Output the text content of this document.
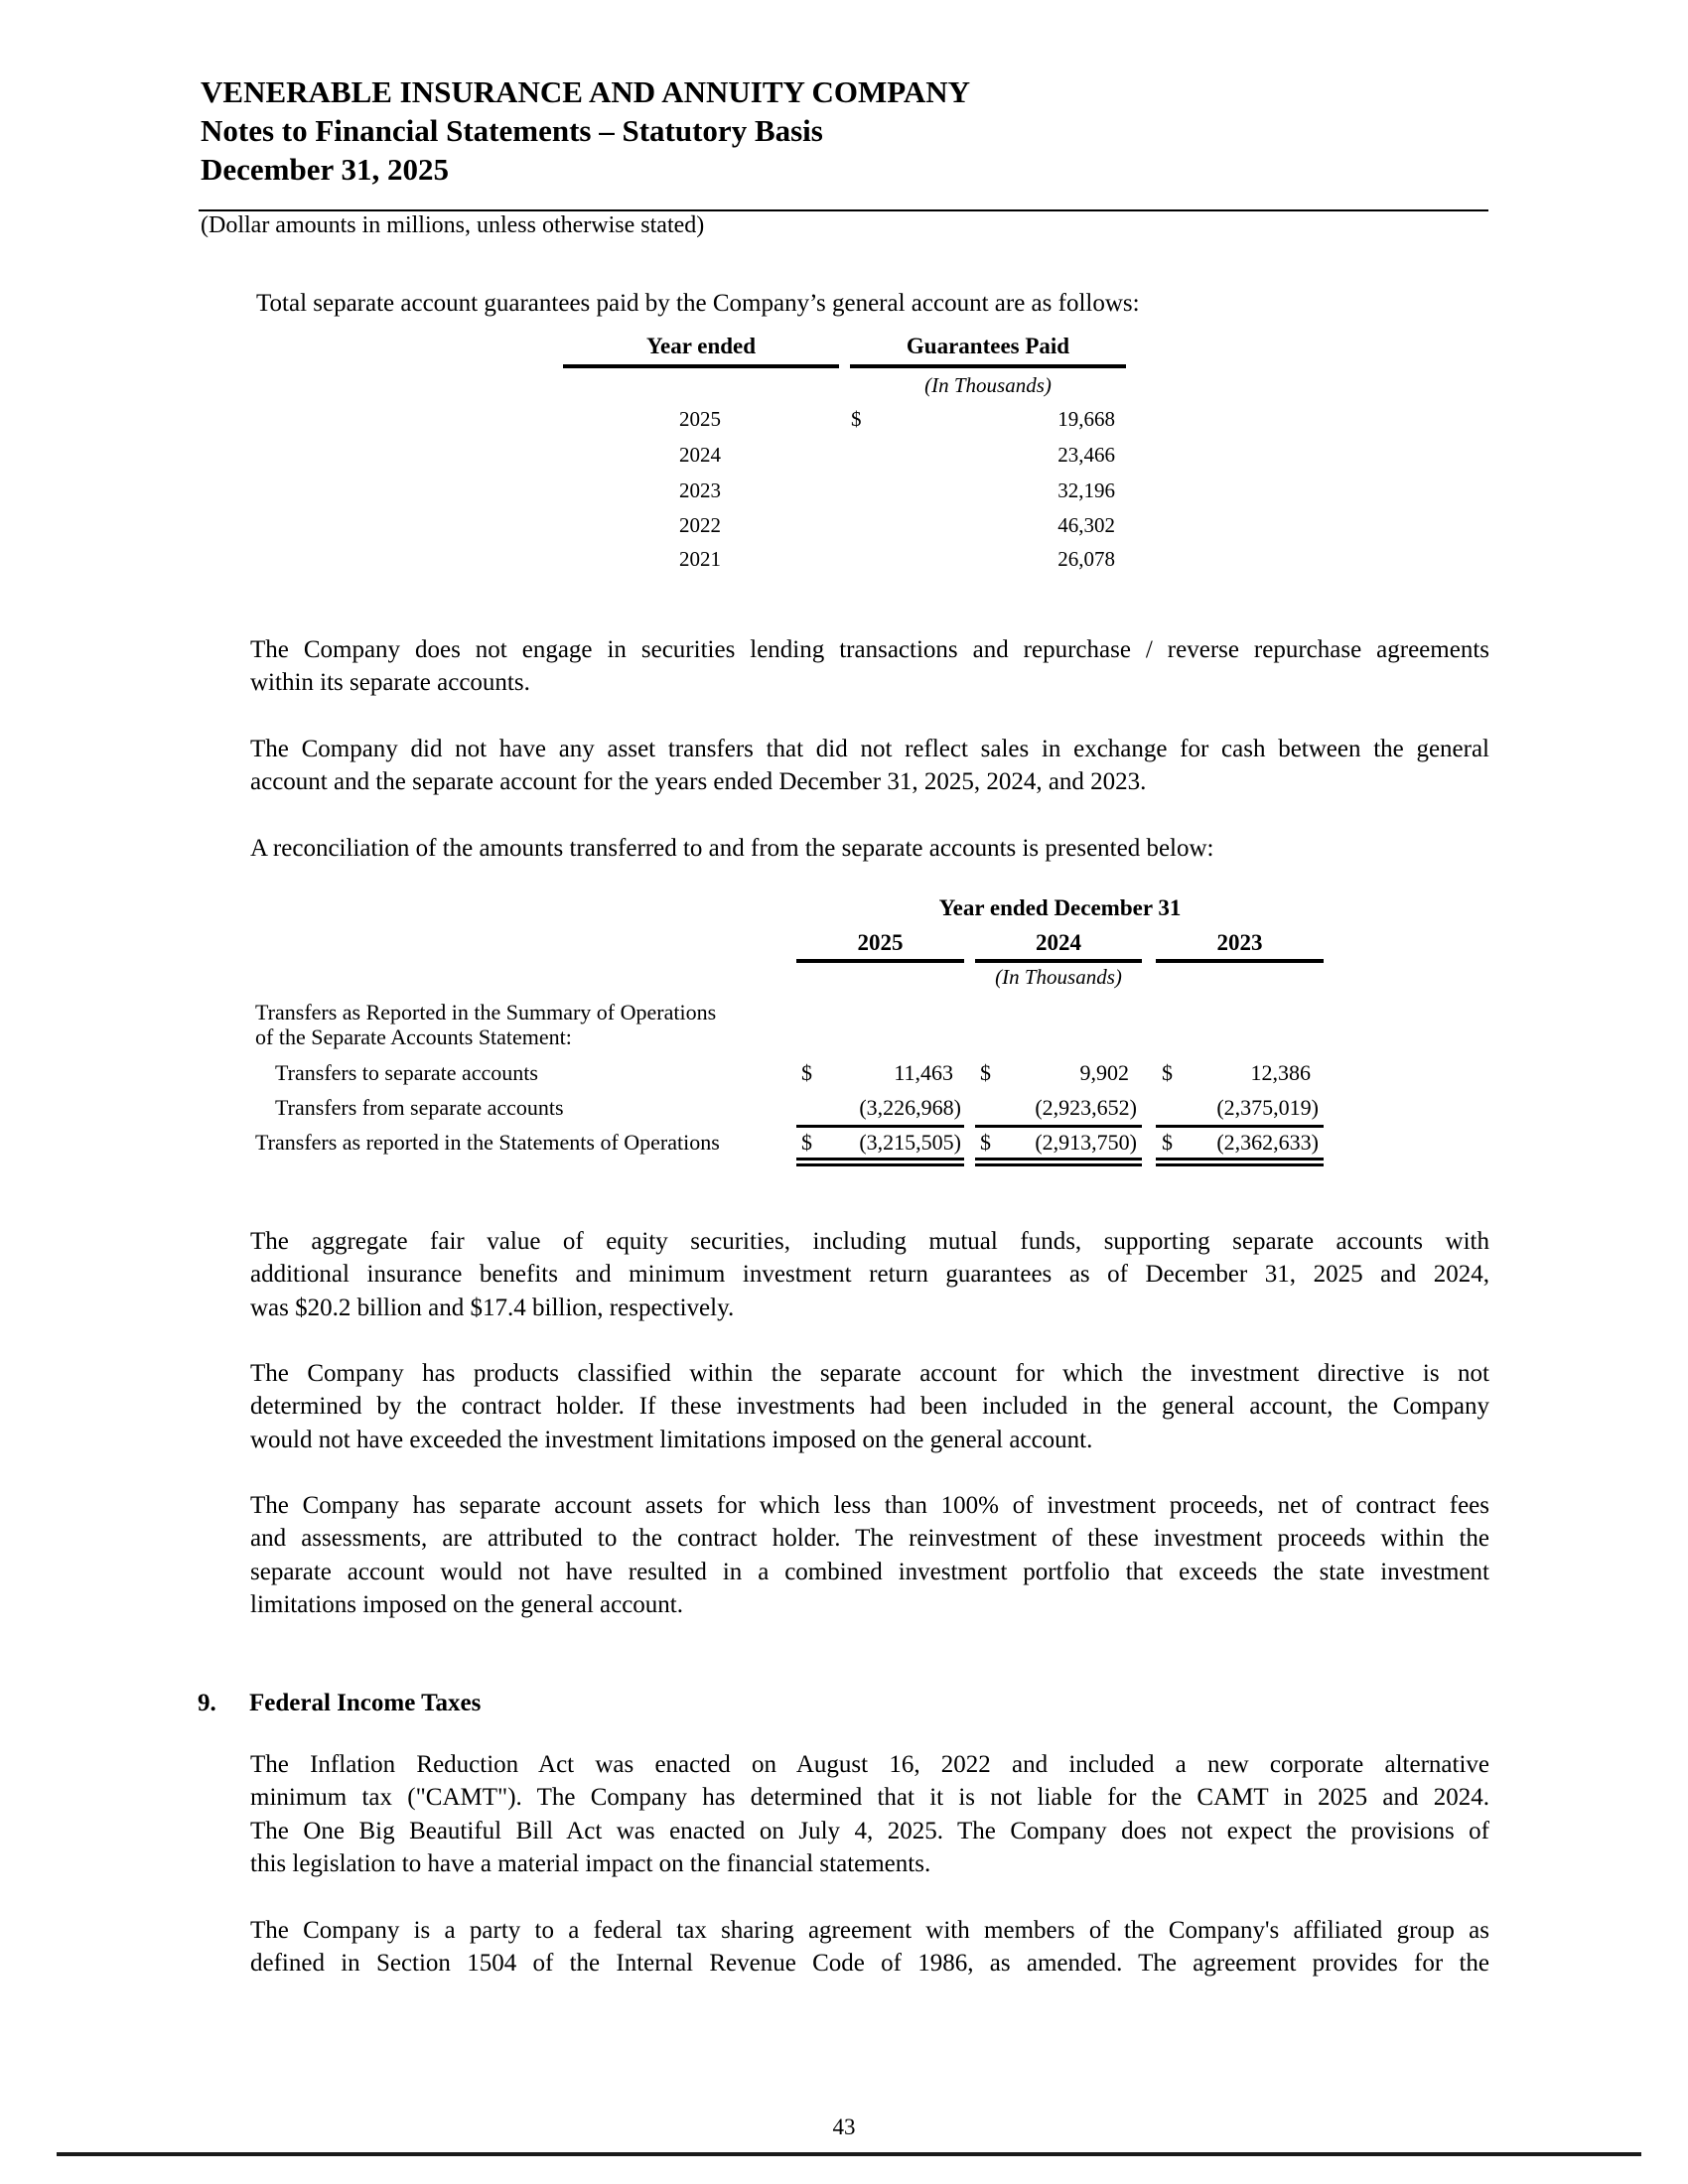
VENERABLE INSURANCE AND ANNUITY COMPANY
Notes to Financial Statements – Statutory Basis
December 31, 2025
(Dollar amounts in millions, unless otherwise stated)
Total separate account guarantees paid by the Company’s general account are as follows:
Year ended	Guarantees Paid
(In Thousands)
$
2025	19,668
2024	23,466
2023	32,196
2022	46,302
2021	26,078
The Company does not engage in securities lending transactions and repurchase / reverse repurchase agreements
within its separate accounts.
The Company did not have any asset transfers that did not reflect sales in exchange for cash between the general
account and the separate account for the years ended December 31, 2025, 2024, and 2023.
A reconciliation of the amounts transferred to and from the separate accounts is presented below:
Year ended December 31
2025	2024	2023
(In Thousands)
Transfers as Reported in the Summary of Operations
of the Separate Accounts Statement:
Transfers to separate accounts	$	11,463 $	9,902 $	12,386
Transfers from separate accounts	(3,226,968)	(2,923,652)	(2,375,019)
Transfers as reported in the Statements of Operations	$	(3,215,505) $	(2,913,750) $	(2,362,633)
The aggregate fair value of equity securities, including mutual funds, supporting separate accounts with
additional insurance benefits and minimum investment return guarantees as of December 31, 2025 and 2024,
was $20.2 billion and $17.4 billion, respectively.
The Company has products classified within the separate account for which the investment directive is not
determined by the contract holder. If these investments had been included in the general account, the Company
would not have exceeded the investment limitations imposed on the general account.
The Company has separate account assets for which less than 100% of investment proceeds, net of contract fees
and assessments, are attributed to the contract holder. The reinvestment of these investment proceeds within the
separate account would not have resulted in a combined investment portfolio that exceeds the state investment
limitations imposed on the general account.
9. Federal Income Taxes
The Inflation Reduction Act was enacted on August 16, 2022 and included a new corporate alternative
minimum tax ("CAMT"). The Company has determined that it is not liable for the CAMT in 2025 and 2024.
The One Big Beautiful Bill Act was enacted on July 4, 2025. The Company does not expect the provisions of
this legislation to have a material impact on the financial statements.
The Company is a party to a federal tax sharing agreement with members of the Company's affiliated group as
defined in Section 1504 of the Internal Revenue Code of 1986, as amended. The agreement provides for the
43
